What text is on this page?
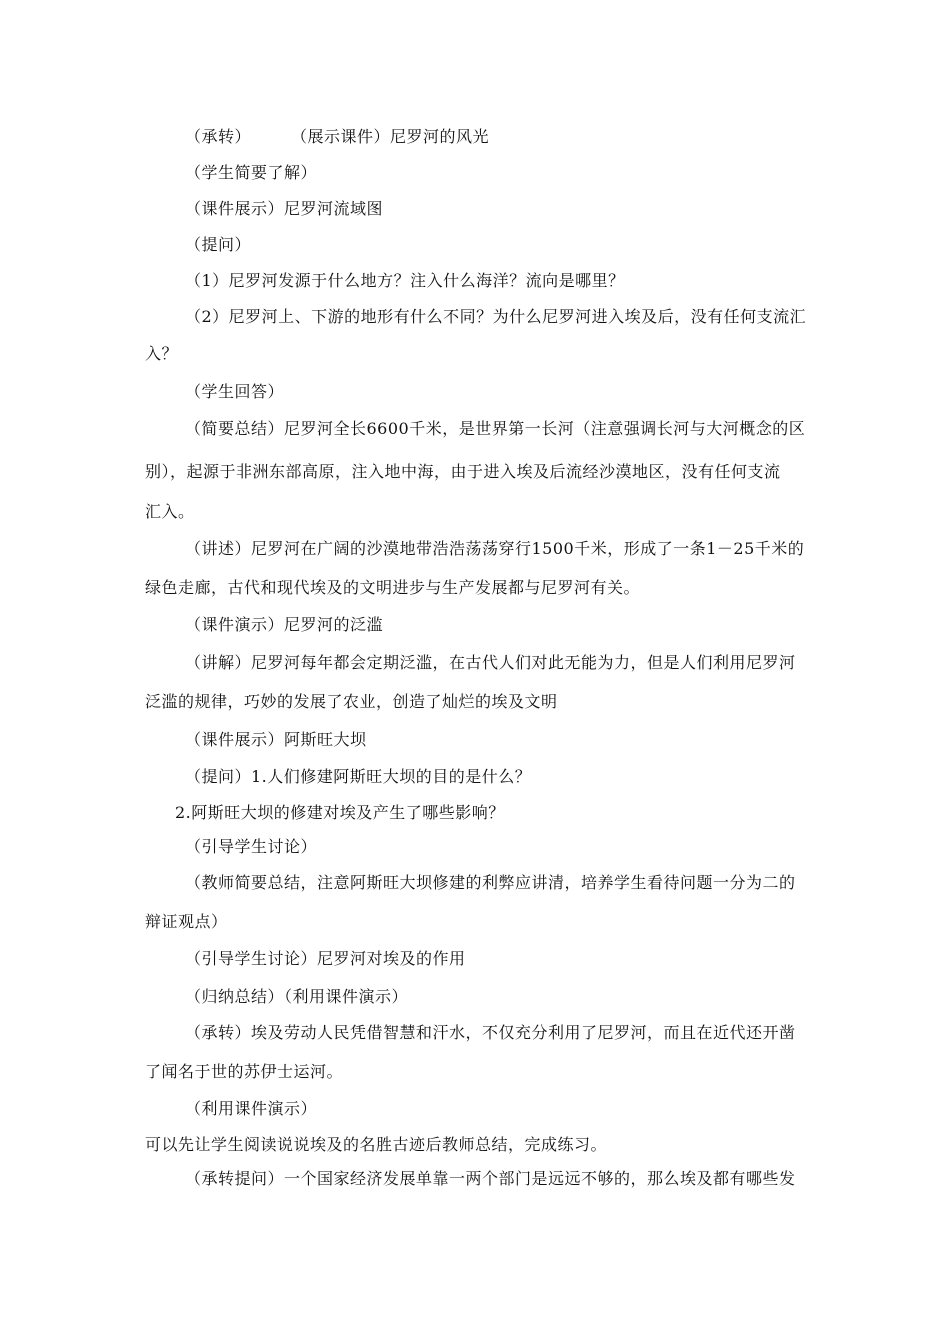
（承转）	（展示课件）尼罗河的风光
（学生简要了解）
（课件展示）尼罗河流域图
（提问）
（1）尼罗河发源于什么地方？注入什么海洋？流向是哪里？
（2）尼罗河上、下游的地形有什么不同？为什么尼罗河进入埃及后，没有任何支流汇
入？
（学生回答）
（简要总结）尼罗河全长6600千米，是世界第一长河（注意强调长河与大河概念的区
别），起源于非洲东部高原，注入地中海，由于进入埃及后流经沙漠地区，没有任何支流
汇入。
（讲述）尼罗河在广阔的沙漠地带浩浩荡荡穿行1500千米，形成了一条1－25千米的
绿色走廊，古代和现代埃及的文明进步与生产发展都与尼罗河有关。
（课件演示）尼罗河的泛滥
（讲解）尼罗河每年都会定期泛滥，在古代人们对此无能为力，但是人们利用尼罗河
泛滥的规律，巧妙的发展了农业，创造了灿烂的埃及文明
（课件展示）阿斯旺大坝
（提问）1.人们修建阿斯旺大坝的目的是什么？
2.阿斯旺大坝的修建对埃及产生了哪些影响？
（引导学生讨论）
（教师简要总结，注意阿斯旺大坝修建的利弊应讲清，培养学生看待问题一分为二的
辩证观点）
（引导学生讨论）尼罗河对埃及的作用
（归纳总结）（利用课件演示）
（承转）埃及劳动人民凭借智慧和汗水，不仅充分利用了尼罗河，而且在近代还开凿
了闻名于世的苏伊士运河。
（利用课件演示）
可以先让学生阅读说说埃及的名胜古迹后教师总结，完成练习。
（承转提问）一个国家经济发展单靠一两个部门是远远不够的，那么埃及都有哪些发
